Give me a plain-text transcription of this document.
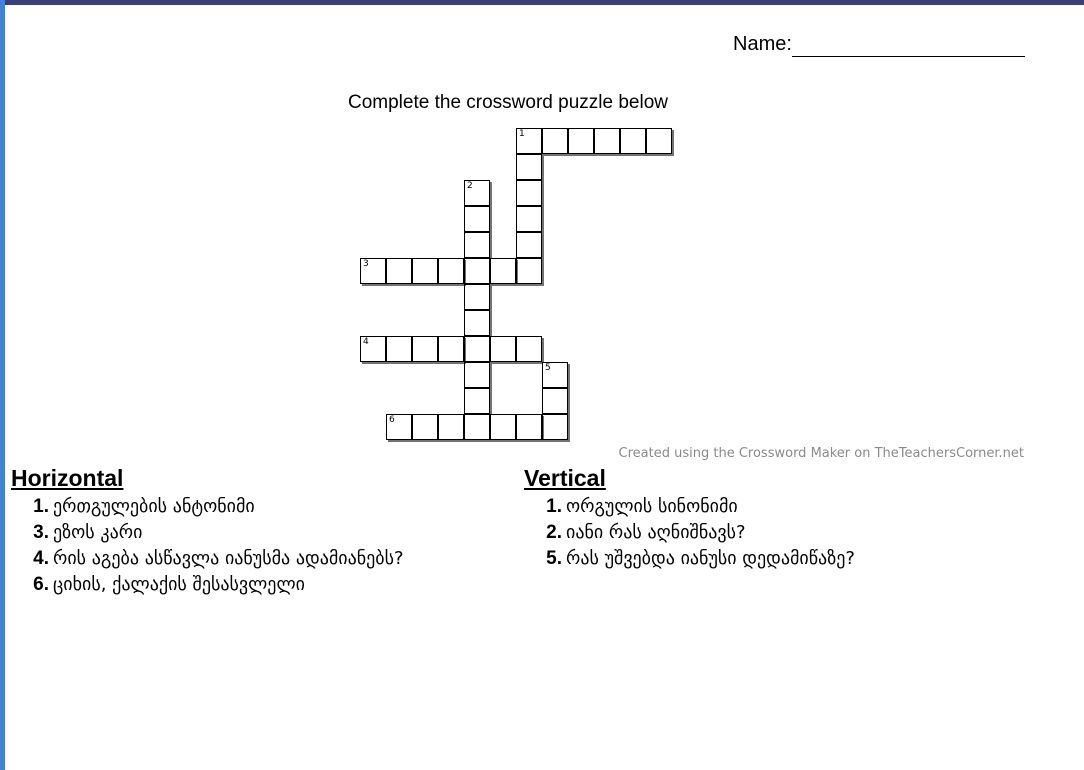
Name:
Complete the crossword puzzle below
1
2
3
4
5
6
Created using the Crossword Maker on TheTeachersCorner.net
Horizontal
1. ერთგულების ანტონიმი
3. ეზოს კარი
4. რის აგება ასწავლა იანუსმა ადამიანებს?
6. ციხის, ქალაქის შესასვლელი
Vertical
1. ორგულის სინონიმი
2. იანი რას აღნიშნავს?
5. რას უშვებდა იანუსი დედამიწაზე?
